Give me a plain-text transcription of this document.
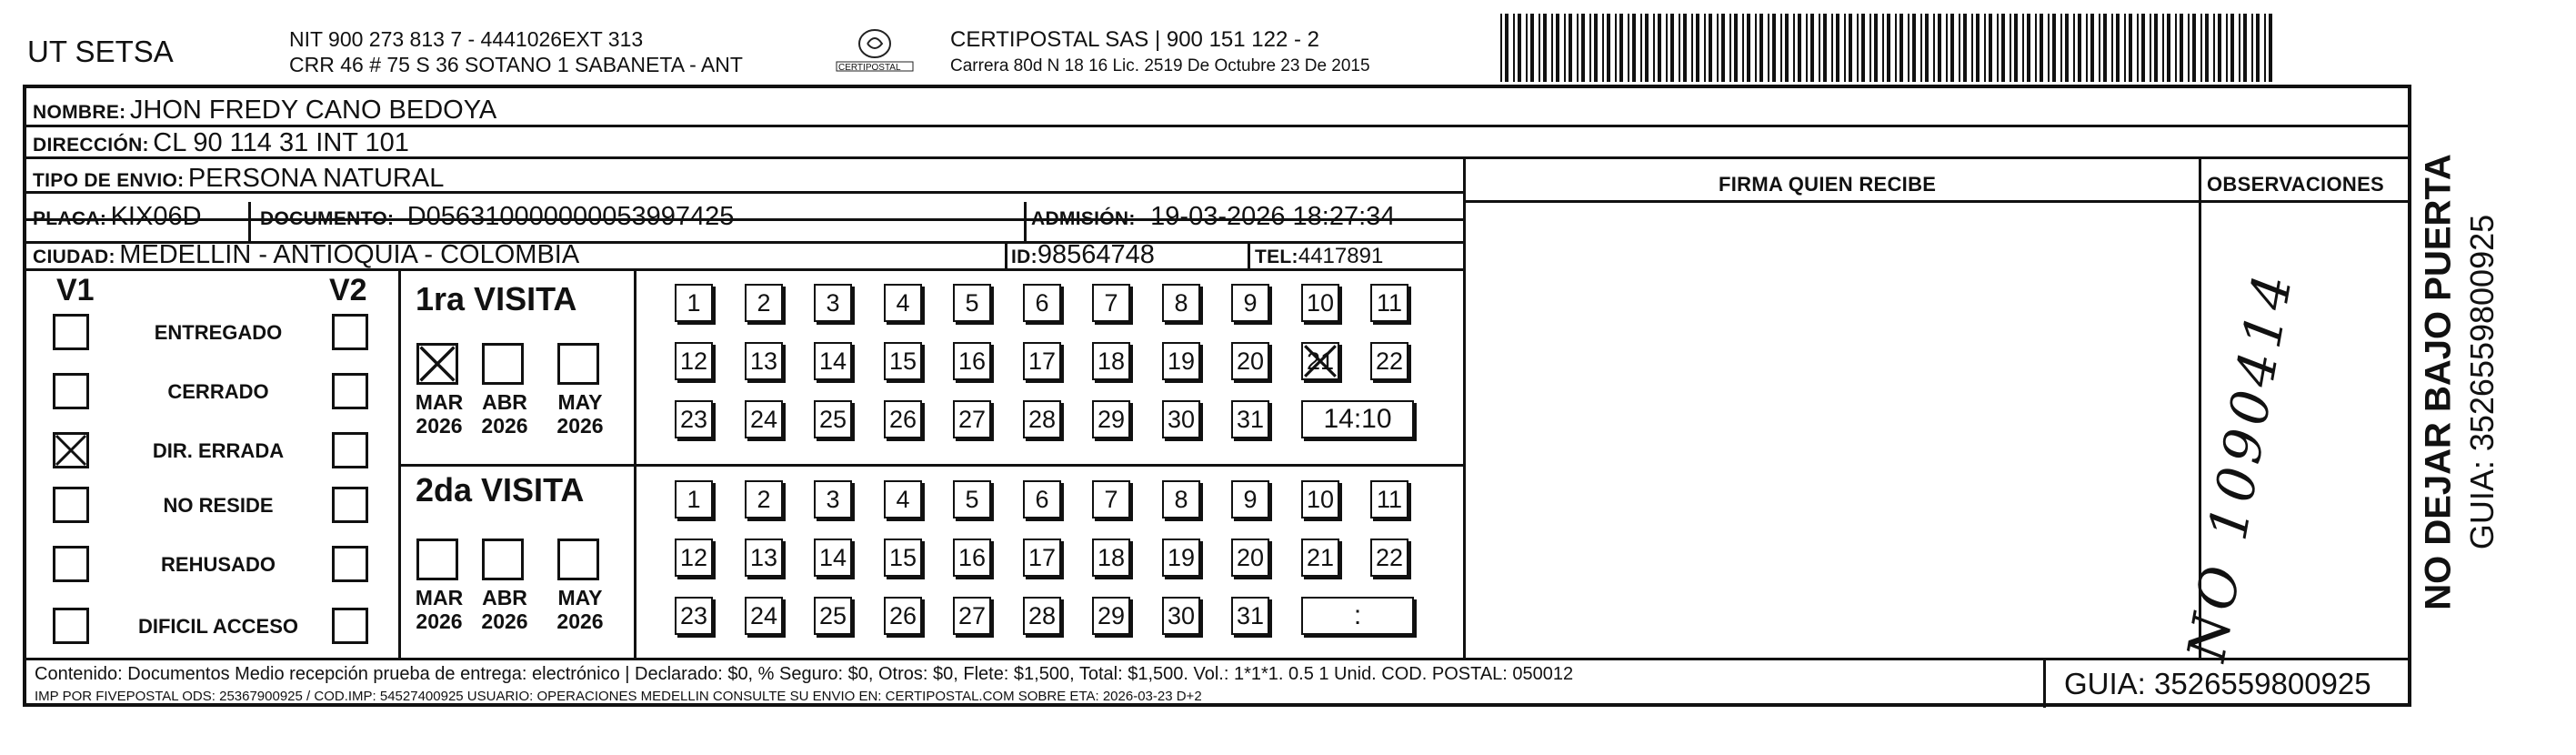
UT SETSA	NIT 900 273 813 7 - 4441026EXT 313
CRR 46 # 75 S 36 SOTANO 1 SABANETA - ANT	CERTIPOSTAL
CERTIPOSTAL SAS | 900 151 122 - 2
Carrera 80d N 18 16 Lic. 2519 De Octubre 23 De 2015
NOMBRE: JHON FREDY CANO BEDOYA
DIRECCIÓN: CL 90 114 31 INT 101
TIPO DE ENVIO: PERSONA NATURAL
PLACA: KIX06D	DOCUMENTO: D056310000000053997425	ADMISIÓN: 19-03-2026 18:27:34
CIUDAD: MEDELLIN - ANTIOQUIA - COLOMBIA	ID:98564748	TEL:4417891
FIRMA QUIEN RECIBE	OBSERVACIONES
V1	V2 1ra VISITA
2da VISITA	NO 1090414
Contenido: Documentos Medio recepción prueba de entrega: electrónico | Declarado: $0, % Seguro: $0, Otros: $0, Flete: $1,500, Total: $1,500. Vol.: 1*1*1. 0.5 1 Unid. COD. POSTAL: 050012
IMP POR FIVEPOSTAL ODS: 25367900925 / COD.IMP: 54527400925 USUARIO: OPERACIONES MEDELLIN CONSULTE SU ENVIO EN: CERTIPOSTAL.COM SOBRE ETA: 2026-03-23 D+2	GUIA: 3526559800925
NO DEJAR BAJO PUERTA GUIA: 3526559800925
ENTREGADO
CERRADO
DIR. ERRADA
NO RESIDE
REHUSADO
DIFICIL ACCESO
MAR
2026
ABR
2026
MAY
2026
MAR
2026
ABR
2026
MAY
2026
1	2	3	4	5	6	7	8	9	10 11
12 13 14 15 16 17 18 19 20 21 22
23 24 25 26 27 28 29 30 31	14:10
1	2	3	4	5	6	7	8	9	10 11
12 13 14 15 16 17 18 19 20 21 22
23 24 25 26 27 28 29 30 31	:
